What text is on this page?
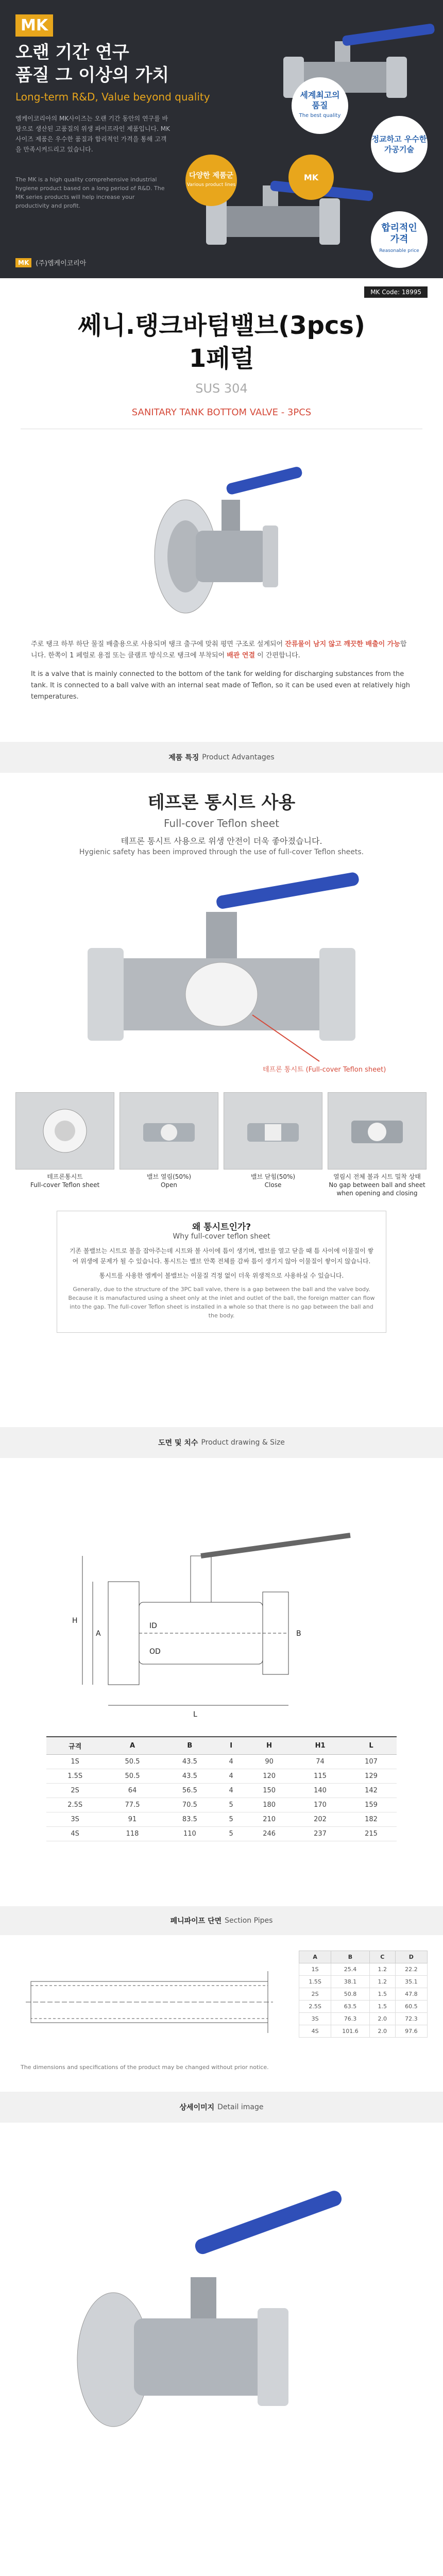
MK
오랜 기간 연구
품질 그 이상의 가치
Long-term R&D, Value beyond quality
엠케이코리아의 MK사이즈는 오랜 기간 동안의 연구를 바탕으로 생산된 고품질의 위생 파이프라인 제품입니다. MK 사이즈 제품은 우수한 품질과 합리적인 가격을 통해 고객을 만족시켜드리고 있습니다.
The MK is a high quality comprehensive industrial hygiene product based on a long period of R&D. The MK series products will help increase your productivity and profit.
MK	(주)엠케이코리아
세계최고의
품질
The best quality
정교하고 우수한
가공기술
MK
다양한 제품군
Various product lines
합리적인
가격
Reasonable price
MK Code: 18995
쎄니.탱크바텀밸브(3pcs)
1페럴
SUS 304
SANITARY TANK BOTTOM VALVE - 3PCS

주로 탱크 하부 하단 물질 배출용으로 사용되며 탱크 출구에 맞춰 평면 구조로 설계되어 잔류물이 남지 않고 깨끗한 배출이 가능합니다. 한쪽이 1 페럴로 용접 또는 클램프 방식으로 탱크에 부착되어 배관 연결 이 간편합니다.

It is a valve that is mainly connected to the bottom of the tank for welding for discharging substances from the tank. It is connected to a ball valve with an internal seat made of Teflon, so it can be used even at relatively high temperatures.

제품 특징 Product Advantages
테프론 통시트 사용
Full-cover Teflon sheet
테프론 통시트 사용으로 위생 안전이 더욱 좋아졌습니다.
Hygienic safety has been improved through the use of full-cover Teflon sheets.
테프론 통시트 (Full-cover Teflon sheet)
테프론통시트
Full-cover Teflon sheet
밸브 열림(50%)
Open
밸브 닫힘(50%)
Close
열림시 전체 볼과 시트 밀착 상태
No gap between ball and sheet when opening and closing
왜 통시트인가?
Why full-cover teflon sheet

기존 볼밸브는 시트로 볼을 잡아주는데 시트와 볼 사이에 틈이 생기며, 밸브를 열고 닫을 때 틈 사이에 이물질이 쌓여 위생에 문제가 될 수 있습니다. 통시트는 밸브 안쪽 전체를 감싸 틈이 생기지 않아 이물질이 쌓이지 않습니다.

통시트를 사용한 엠케이 볼밸브는 이물질 걱정 없이 더욱 위생적으로 사용하실 수 있습니다.

Generally, due to the structure of the 3PC ball valve, there is a gap between the ball and the valve body. Because it is manufactured using a sheet only at the inlet and outlet of the ball, the foreign matter can flow into the gap. The full-cover Teflon sheet is installed in a whole so that there is no gap between the ball and the body.

도면 및 치수 Product drawing & Size
L
H
A	B
ID
OD
규격	A	B	I	H	H1	L
1S	50.5	43.5	4	90	74	107
1.5S	50.5	43.5	4	120	115	129
2S	64	56.5	4	150	140	142
2.5S	77.5	70.5	5	180	170	159
3S	91	83.5	5	210	202	182
4S	118	110	5	246	237	215
페니파이프 단면 Section Pipes
A	B	C	D
1S	25.4	1.2	22.2
1.5S	38.1	1.2	35.1
2S	50.8	1.5	47.8
2.5S	63.5	1.5	60.5
3S	76.3	2.0	72.3
4S	101.6	2.0	97.6
The dimensions and specifications of the product may be changed without prior notice.
상세이미지 Detail image
